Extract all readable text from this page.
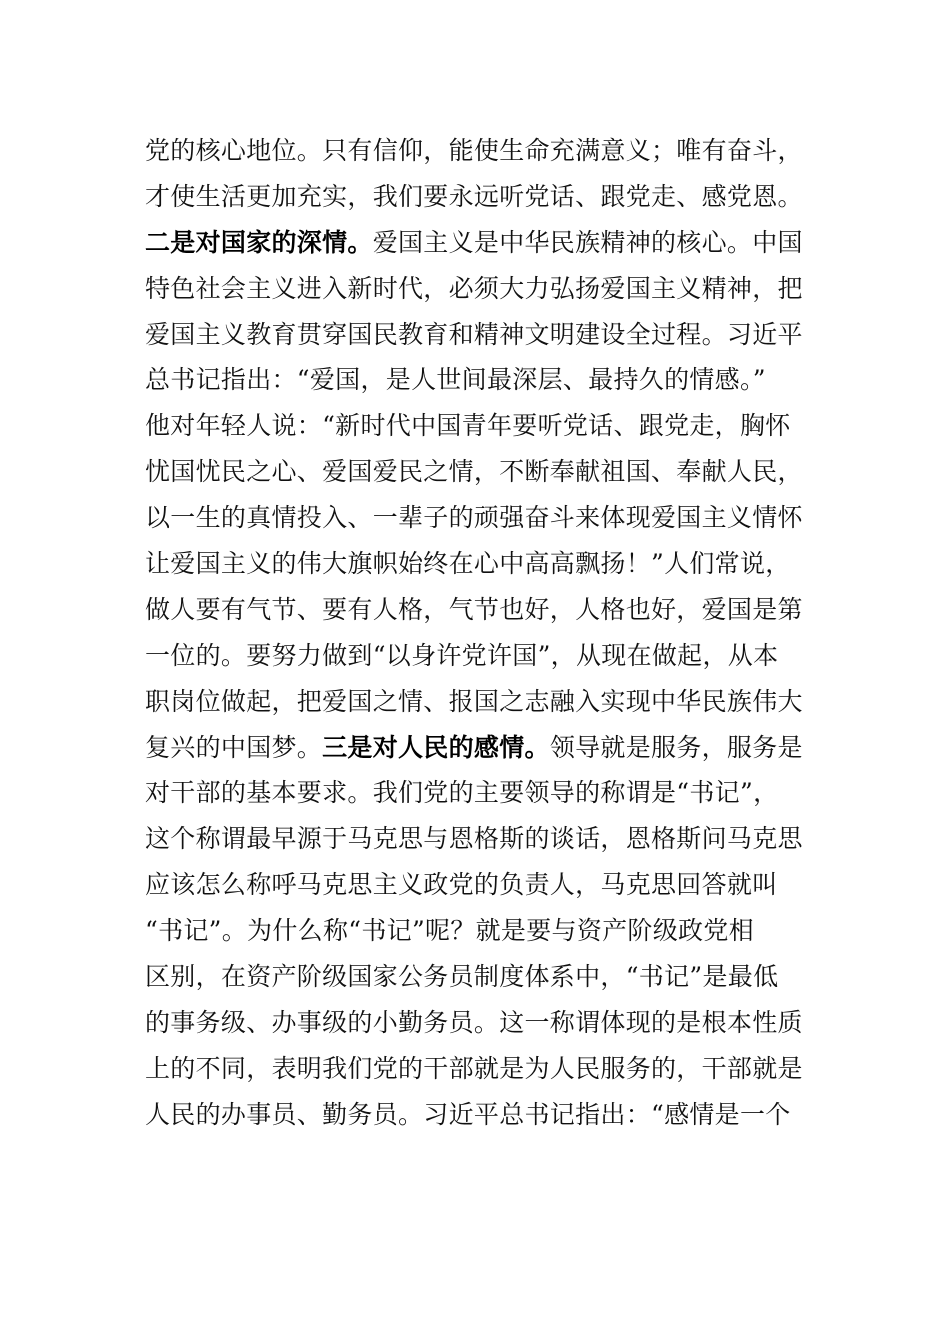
党的核心地位。只有信仰，能使生命充满意义；唯有奋斗，
才使生活更加充实，我们要永远听党话、跟党走、感党恩。
二是对国家的深情。爱国主义是中华民族精神的核心。中国
特色社会主义进入新时代，必须大力弘扬爱国主义精神，把
爱国主义教育贯穿国民教育和精神文明建设全过程。习近平
总书记指出：“爱国，是人世间最深层、最持久的情感。”
他对年轻人说：“新时代中国青年要听党话、跟党走，胸怀
忧国忧民之心、爱国爱民之情，不断奉献祖国、奉献人民，
以一生的真情投入、一辈子的顽强奋斗来体现爱国主义情怀
让爱国主义的伟大旗帜始终在心中高高飘扬！”人们常说，
做人要有气节、要有人格，气节也好，人格也好，爱国是第
一位的。要努力做到“以身许党许国”，从现在做起，从本
职岗位做起，把爱国之情、报国之志融入实现中华民族伟大
复兴的中国梦。三是对人民的感情。领导就是服务，服务是
对干部的基本要求。我们党的主要领导的称谓是“书记”，
这个称谓最早源于马克思与恩格斯的谈话，恩格斯问马克思
应该怎么称呼马克思主义政党的负责人，马克思回答就叫
“书记”。为什么称“书记”呢？就是要与资产阶级政党相
区别，在资产阶级国家公务员制度体系中，“书记”是最低
的事务级、办事级的小勤务员。这一称谓体现的是根本性质
上的不同，表明我们党的干部就是为人民服务的，干部就是
人民的办事员、勤务员。习近平总书记指出：“感情是一个
